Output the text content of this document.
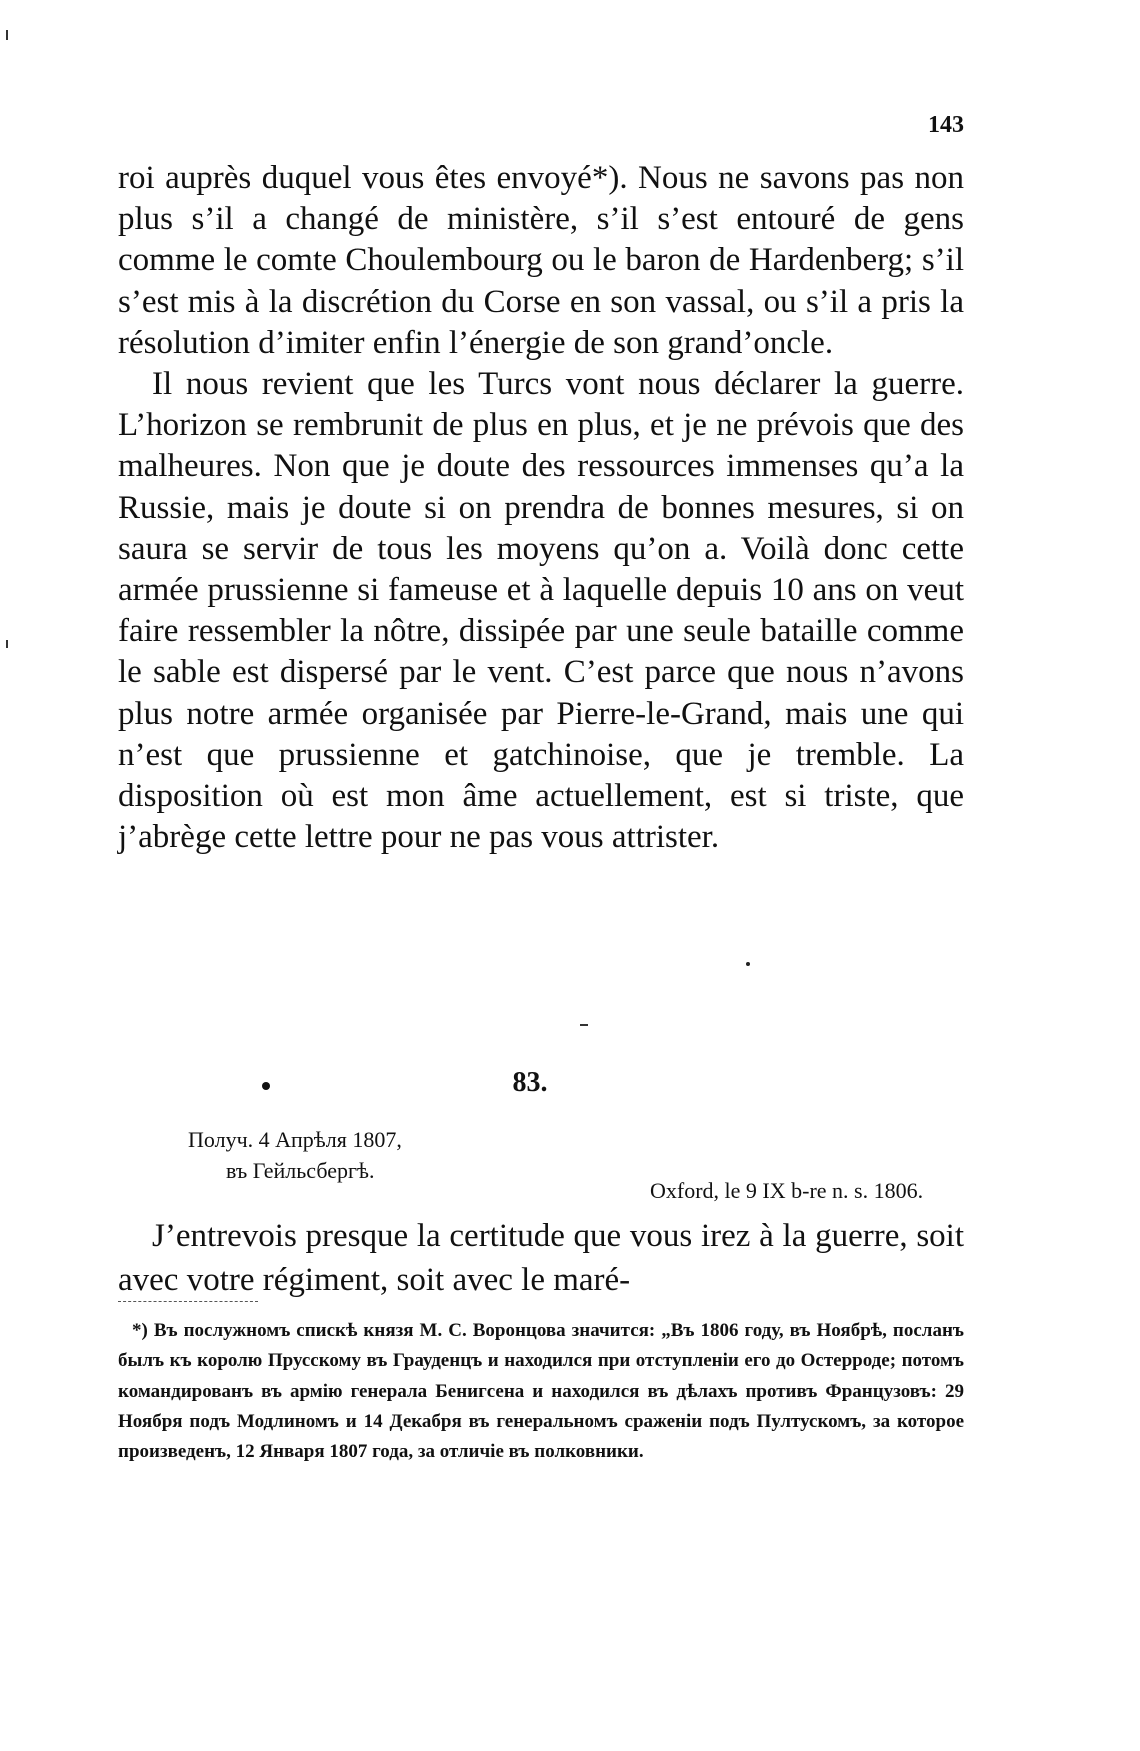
143

roi auprès duquel vous êtes envoyé*). Nous ne savons pas non plus s’il a changé de ministère, s’il s’est entouré de gens comme le comte Choulembourg ou le baron de Hardenberg; s’il s’est mis à la discrétion du Corse en son vassal, ou s’il a pris la résolution d’imiter enfin l’énergie de son grand’oncle.

Il nous revient que les Turcs vont nous déclarer la guerre. L’horizon se rembrunit de plus en plus, et je ne prévois que des malheures. Non que je doute des ressources immenses qu’a la Russie, mais je doute si on prendra de bonnes mesures, si on saura se servir de tous les moyens qu’on a. Voilà donc cette armée prussienne si fameuse et à laquelle depuis 10 ans on veut faire ressembler la nôtre, dissipée par une seule bataille comme le sable est dispersé par le vent. C’est parce que nous n’avons plus notre armée organisée par Pierre-le-Grand, mais une qui n’est que prussienne et gatchinoise, que je tremble. La disposition où est mon âme actuellement, est si triste, que j’abrège cette lettre pour ne pas vous attrister.

83.
Получ. 4 Апрѣля 1807,
въ Гейльсбергѣ.
Oxford, le 9 IX b-re n. s. 1806.

J’entrevois presque la certitude que vous irez à la guerre, soit avec votre régiment, soit avec le maré-

*) Въ послужномъ спискѣ князя М. С. Воронцова значится: „Въ 1806 году, въ Ноябрѣ, посланъ былъ къ королю Прусскому въ Грауденцъ и находился при отступленіи его до Остерроде; потомъ командированъ въ армію генерала Бенигсена и находился въ дѣлахъ противъ Французовъ: 29 Ноября подъ Модлиномъ и 14 Декабря въ генеральномъ сраженіи подъ Пултускомъ, за которое произведенъ, 12 Января 1807 года, за отличіе въ полковники.
